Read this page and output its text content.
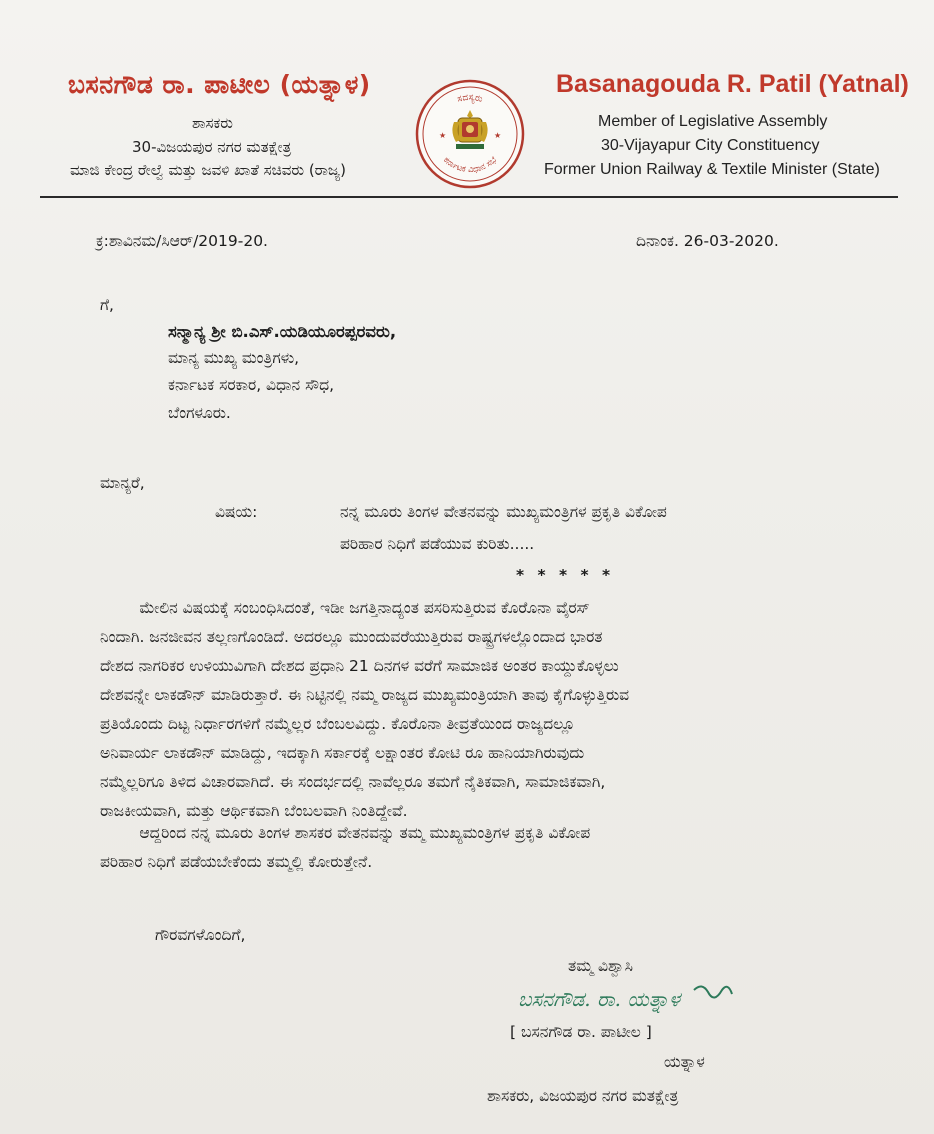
ಬಸನಗೌಡ ರಾ. ಪಾಟೀಲ (ಯತ್ನಾಳ)
ಶಾಸಕರು
30-ವಿಜಯಪುರ ನಗರ ಮತಕ್ಷೇತ್ರ
ಮಾಜಿ ಕೇಂದ್ರ ರೇಲ್ವೆ ಮತ್ತು ಜವಳಿ ಖಾತೆ ಸಚಿವರು (ರಾಜ್ಯ)
ಸದಸ್ಯರು
ಕರ್ನಾಟಕ ವಿಧಾನ ಸಭೆ
★	★
Basanagouda R. Patil (Yatnal)
Member of Legislative Assembly
30-Vijayapur City Constituency
Former Union Railway & Textile Minister (State)
ಕ್ರ:ಶಾವಿನಮ/ಸಿಆರ್/2019-20.	ದಿನಾಂಕ. 26-03-2020.
ಗೆ,
ಸನ್ಮಾನ್ಯ ಶ್ರೀ ಬಿ.ಎಸ್.ಯಡಿಯೂರಪ್ಪರವರು,
ಮಾನ್ಯ ಮುಖ್ಯ ಮಂತ್ರಿಗಳು,
ಕರ್ನಾಟಕ ಸರಕಾರ, ವಿಧಾನ ಸೌಧ,
ಬೆಂಗಳೂರು.
ಮಾನ್ಯರೆ,
ವಿಷಯ:	ನನ್ನ ಮೂರು ತಿಂಗಳ ವೇತನವನ್ನು ಮುಖ್ಯಮಂತ್ರಿಗಳ ಪ್ರಕೃತಿ ವಿಕೋಪ
ಪರಿಹಾರ ನಿಧಿಗೆ ಪಡೆಯುವ ಕುರಿತು.....
* * * * *
ಮೇಲಿನ ವಿಷಯಕ್ಕೆ ಸಂಬಂಧಿಸಿದಂತೆ, ಇಡೀ ಜಗತ್ತಿನಾದ್ಯಂತ ಪಸರಿಸುತ್ತಿರುವ ಕೊರೊನಾ ವೈರಸ್
ನಿಂದಾಗಿ. ಜನಜೀವನ ತಲ್ಲಣಗೊಂಡಿದೆ. ಅದರಲ್ಲೂ ಮುಂದುವರೆಯುತ್ತಿರುವ ರಾಷ್ಟ್ರಗಳಲ್ಲೊಂದಾದ ಭಾರತ
ದೇಶದ ನಾಗರಿಕರ ಉಳಿಯುವಿಗಾಗಿ ದೇಶದ ಪ್ರಧಾನಿ 21 ದಿನಗಳ ವರೆಗೆ ಸಾಮಾಜಿಕ ಅಂತರ ಕಾಯ್ದುಕೊಳ್ಳಲು
ದೇಶವನ್ನೇ ಲಾಕಡೌನ್ ಮಾಡಿರುತ್ತಾರೆ. ಈ ನಿಟ್ಟಿನಲ್ಲಿ ನಮ್ಮ ರಾಜ್ಯದ ಮುಖ್ಯಮಂತ್ರಿಯಾಗಿ ತಾವು ಕೈಗೊಳ್ಳುತ್ತಿರುವ
ಪ್ರತಿಯೊಂದು ದಿಟ್ಟ ನಿರ್ಧಾರಗಳಿಗೆ ನಮ್ಮೆಲ್ಲರ ಬೆಂಬಲವಿದ್ದು. ಕೊರೊನಾ ತೀವ್ರತೆಯಿಂದ ರಾಜ್ಯದಲ್ಲೂ
ಅನಿವಾರ್ಯ ಲಾಕಡೌನ್ ಮಾಡಿದ್ದು, ಇದಕ್ಕಾಗಿ ಸರ್ಕಾರಕ್ಕೆ ಲಕ್ಷಾಂತರ ಕೋಟಿ ರೂ ಹಾನಿಯಾಗಿರುವುದು
ನಮ್ಮೆಲ್ಲರಿಗೂ ತಿಳಿದ ವಿಚಾರವಾಗಿದೆ. ಈ ಸಂದರ್ಭದಲ್ಲಿ ನಾವೆಲ್ಲರೂ ತಮಗೆ ನೈತಿಕವಾಗಿ, ಸಾಮಾಜಿಕವಾಗಿ,
ರಾಜಕೀಯವಾಗಿ, ಮತ್ತು ಆರ್ಥಿಕವಾಗಿ ಬೆಂಬಲವಾಗಿ ನಿಂತಿದ್ದೇವೆ.
ಆದ್ದರಿಂದ ನನ್ನ ಮೂರು ತಿಂಗಳ ಶಾಸಕರ ವೇತನವನ್ನು ತಮ್ಮ ಮುಖ್ಯಮಂತ್ರಿಗಳ ಪ್ರಕೃತಿ ವಿಕೋಪ
ಪರಿಹಾರ ನಿಧಿಗೆ ಪಡೆಯಬೇಕೆಂದು ತಮ್ಮಲ್ಲಿ ಕೋರುತ್ತೇನೆ.
ಗೌರವಗಳೊಂದಿಗೆ,
ತಮ್ಮ ವಿಶ್ವಾಸಿ
ಬಸನಗೌಡ. ರಾ. ಯತ್ನಾಳ
[ ಬಸನಗೌಡ ರಾ. ಪಾಟೀಲ ]
ಯತ್ನಾಳ
ಶಾಸಕರು, ವಿಜಯಪುರ ನಗರ ಮತಕ್ಷೇತ್ರ
